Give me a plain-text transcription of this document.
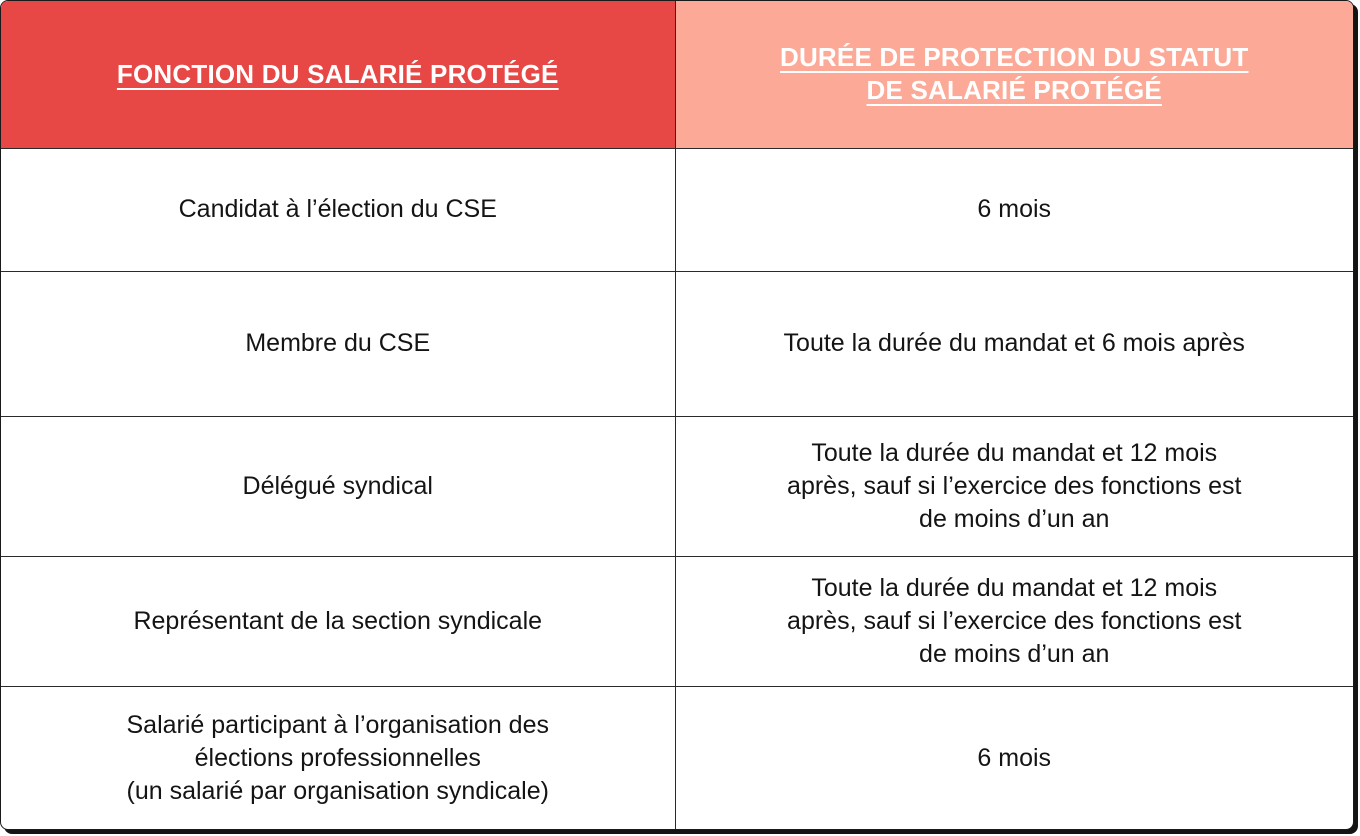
FONCTION DU SALARIÉ PROTÉGÉ	DURÉE DE PROTECTION DU STATUT
DE SALARIÉ PROTÉGÉ

Candidat à l’élection du CSE	6 mois

Membre du CSE	Toute la durée du mandat et 6 mois après

Délégué syndical	Toute la durée du mandat et 12 mois
après, sauf si l’exercice des fonctions est
de moins d’un an

Représentant de la section syndicale	Toute la durée du mandat et 12 mois
après, sauf si l’exercice des fonctions est
de moins d’un an

Salarié participant à l’organisation des
élections professionnelles
(un salarié par organisation syndicale)	6 mois
